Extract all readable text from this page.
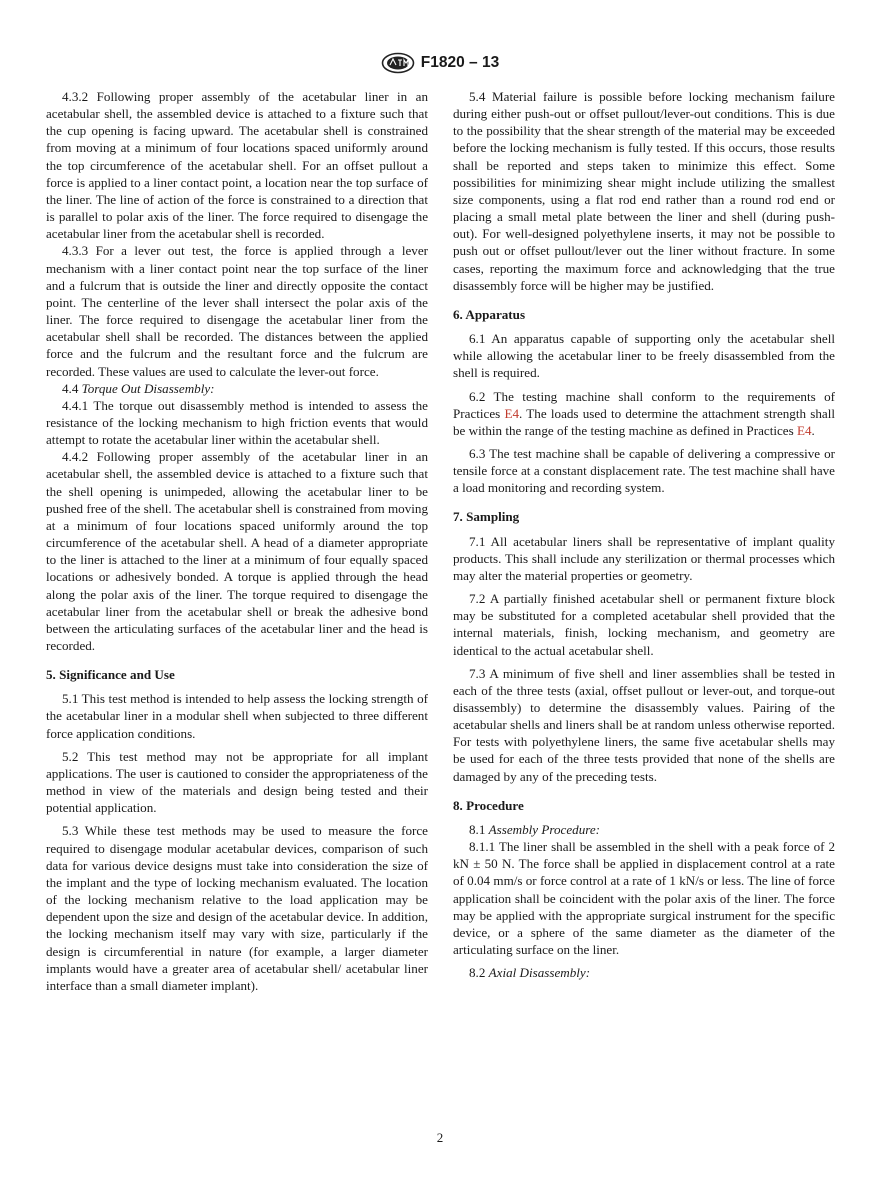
F1820 – 13

4.3.2 Following proper assembly of the acetabular liner in an acetabular shell, the assembled device is attached to a fixture such that the cup opening is facing upward. The acetabular shell is constrained from moving at a minimum of four locations spaced uniformly around the top circumference of the acetabular shell. For an offset pullout a force is applied to a liner contact point, a location near the top surface of the liner. The line of action of the force is constrained to a direction that is parallel to polar axis of the liner. The force required to disengage the acetabular liner from the acetabular shell is recorded.

4.3.3 For a lever out test, the force is applied through a lever mechanism with a liner contact point near the top surface of the liner and a fulcrum that is outside the liner and directly opposite the contact point. The centerline of the lever shall intersect the polar axis of the liner. The force required to disengage the acetabular liner from the acetabular shell shall be recorded. The distances between the applied force and the fulcrum and the resultant force and the fulcrum are recorded. These values are used to calculate the lever-out force.

4.4 Torque Out Disassembly:

4.4.1 The torque out disassembly method is intended to assess the resistance of the locking mechanism to high friction events that would attempt to rotate the acetabular liner within the acetabular shell.

4.4.2 Following proper assembly of the acetabular liner in an acetabular shell, the assembled device is attached to a fixture such that the shell opening is unimpeded, allowing the acetabular liner to be pushed free of the shell. The acetabular shell is constrained from moving at a minimum of four locations spaced uniformly around the top circumference of the acetabular shell. A head of a diameter appropriate to the liner is attached to the liner at a minimum of four equally spaced locations or adhesively bonded. A torque is applied through the head along the polar axis of the liner. The torque required to disengage the acetabular liner from the acetabular shell or break the adhesive bond between the articulating surfaces of the acetabular liner and the head is recorded.

5. Significance and Use

5.1 This test method is intended to help assess the locking strength of the acetabular liner in a modular shell when subjected to three different force application conditions.

5.2 This test method may not be appropriate for all implant applications. The user is cautioned to consider the appropriateness of the method in view of the materials and design being tested and their potential application.

5.3 While these test methods may be used to measure the force required to disengage modular acetabular devices, comparison of such data for various device designs must take into consideration the size of the implant and the type of locking mechanism evaluated. The location of the locking mechanism relative to the load application may be dependent upon the size and design of the acetabular device. In addition, the locking mechanism itself may vary with size, particularly if the design is circumferential in nature (for example, a larger diameter implants would have a greater area of acetabular shell/ acetabular liner interface than a small diameter implant).

5.4 Material failure is possible before locking mechanism failure during either push-out or offset pullout/lever-out conditions. This is due to the possibility that the shear strength of the material may be exceeded before the locking mechanism is fully tested. If this occurs, those results shall be reported and steps taken to minimize this effect. Some possibilities for minimizing shear might include utilizing the smallest size components, using a flat rod end rather than a round rod end or placing a small metal plate between the liner and shell (during push-out). For well-designed polyethylene inserts, it may not be possible to push out or offset pullout/lever out the liner without fracture. In some cases, reporting the maximum force and acknowledging that the true disassembly force will be higher may be justified.

6. Apparatus

6.1 An apparatus capable of supporting only the acetabular shell while allowing the acetabular liner to be freely disassembled from the shell is required.

6.2 The testing machine shall conform to the requirements of Practices E4. The loads used to determine the attachment strength shall be within the range of the testing machine as defined in Practices E4.

6.3 The test machine shall be capable of delivering a compressive or tensile force at a constant displacement rate. The test machine shall have a load monitoring and recording system.

7. Sampling

7.1 All acetabular liners shall be representative of implant quality products. This shall include any sterilization or thermal processes which may alter the material properties or geometry.

7.2 A partially finished acetabular shell or permanent fixture block may be substituted for a completed acetabular shell provided that the internal materials, finish, locking mechanism, and geometry are identical to the actual acetabular shell.

7.3 A minimum of five shell and liner assemblies shall be tested in each of the three tests (axial, offset pullout or lever-out, and torque-out disassembly) to determine the disassembly values. Pairing of the acetabular shells and liners shall be at random unless otherwise reported. For tests with polyethylene liners, the same five acetabular shells may be used for each of the three tests provided that none of the shells are damaged by any of the preceding tests.

8. Procedure

8.1 Assembly Procedure:

8.1.1 The liner shall be assembled in the shell with a peak force of 2 kN ± 50 N. The force shall be applied in displacement control at a rate of 0.04 mm/s or force control at a rate of 1 kN/s or less. The line of force application shall be coincident with the polar axis of the liner. The force may be applied with the appropriate surgical instrument for the specific device, or a sphere of the same diameter as the diameter of the articulating surface on the liner.

8.2 Axial Disassembly:

2
